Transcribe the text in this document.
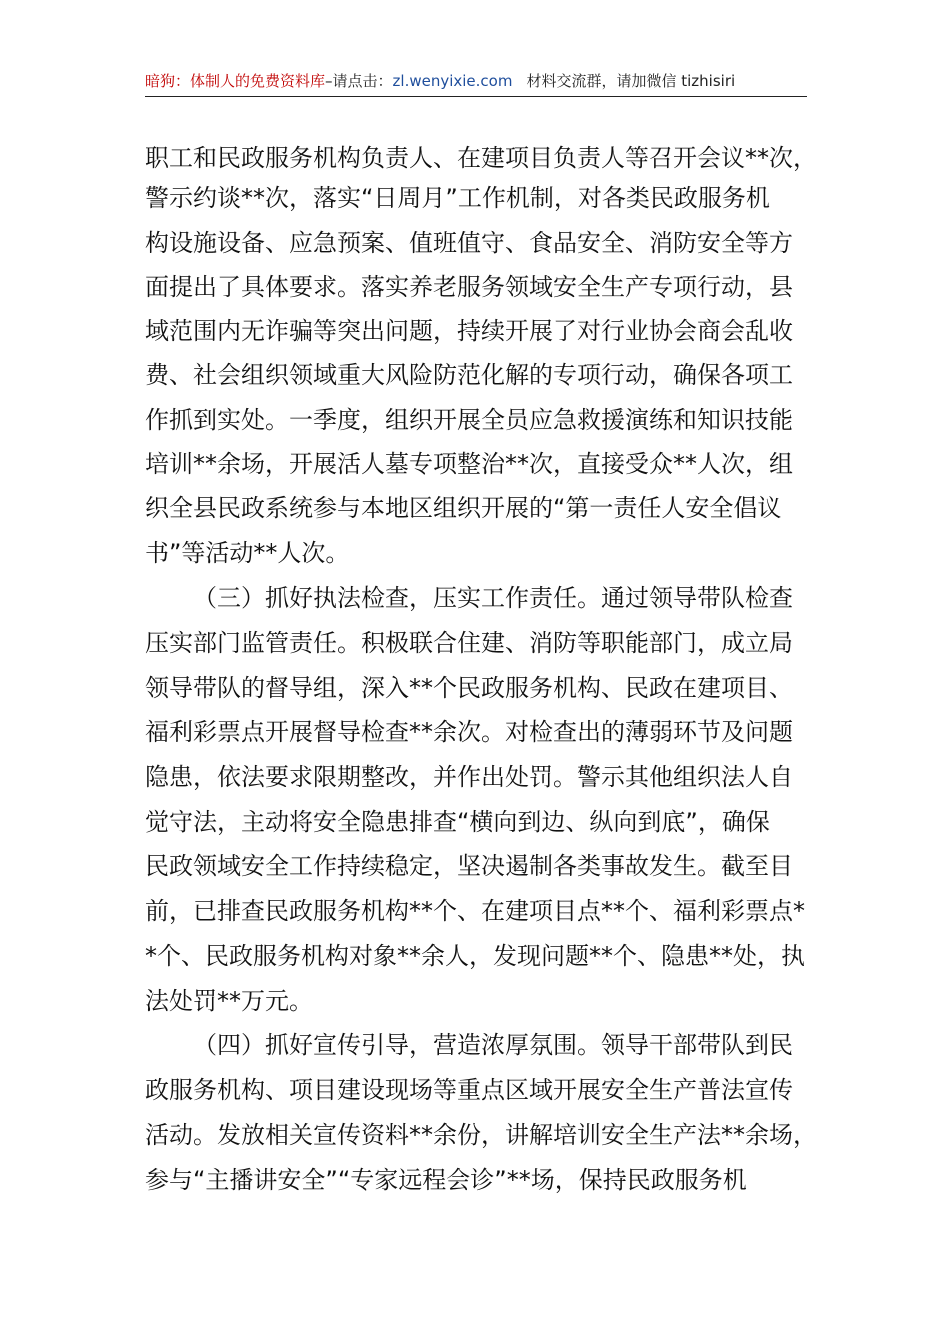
暗狗：体制人的免费资料库–请点击：zl.wenyixie.com 材料交流群，请加微信 tizhisiri
职工和民政服务机构负责人、在建项目负责人等召开会议**次，
警示约谈**次，落实“日周月”工作机制，对各类民政服务机
构设施设备、应急预案、值班值守、食品安全、消防安全等方
面提出了具体要求。落实养老服务领域安全生产专项行动，县
域范围内无诈骗等突出问题，持续开展了对行业协会商会乱收
费、社会组织领域重大风险防范化解的专项行动，确保各项工
作抓到实处。一季度，组织开展全员应急救援演练和知识技能
培训**余场，开展活人墓专项整治**次，直接受众**人次，组
织全县民政系统参与本地区组织开展的“第一责任人安全倡议
书”等活动**人次。
（三）抓好执法检查，压实工作责任。通过领导带队检查
压实部门监管责任。积极联合住建、消防等职能部门，成立局
领导带队的督导组，深入**个民政服务机构、民政在建项目、
福利彩票点开展督导检查**余次。对检查出的薄弱环节及问题
隐患，依法要求限期整改，并作出处罚。警示其他组织法人自
觉守法，主动将安全隐患排查“横向到边、纵向到底”，确保
民政领域安全工作持续稳定，坚决遏制各类事故发生。截至目
前，已排查民政服务机构**个、在建项目点**个、福利彩票点*
*个、民政服务机构对象**余人，发现问题**个、隐患**处，执
法处罚**万元。
（四）抓好宣传引导，营造浓厚氛围。领导干部带队到民
政服务机构、项目建设现场等重点区域开展安全生产普法宣传
活动。发放相关宣传资料**余份，讲解培训安全生产法**余场，
参与“主播讲安全”“专家远程会诊”**场，保持民政服务机
